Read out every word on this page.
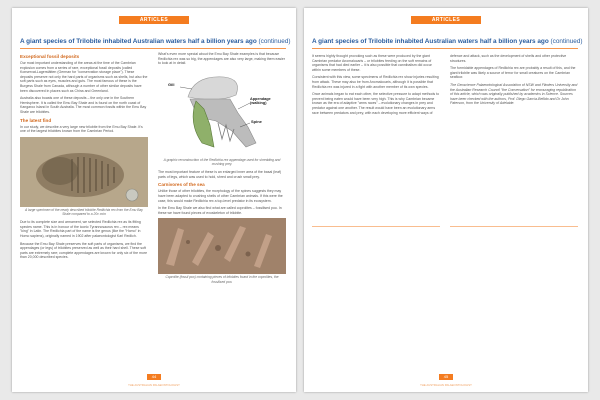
ARTICLES
A giant species of Trilobite inhabited Australian waters half a billion years ago (continued)
Exceptional fossil deposits

Our most important understanding of the areas at the time of the Cambrian explosion comes from a series of rare, exceptional fossil deposits (called Konservat-Lagerstätten (German for "conservation storage place"). These deposits preserve not only the hard parts of organisms such as shells, but also the soft parts such as eyes, muscles and guts. The most famous of these is the Burgess Shale from Canada, although a number of other similar deposits have been discovered in places such as China and Greenland.

Australia also boasts one of these deposits – the only one in the Southern Hemisphere. It is called the Emu Bay Shale and is found on the north coast of Kangaroo Island in South Australia. The most common fossils within the Emu Bay Shale are trilobites.

The latest find

In our study, we describe a very large new trilobite from the Emu Bay Shale. It's one of the largest trilobites known from the Cambrian Period.

A large specimen of the newly described trilobite Redlichia rex from the Emu Bay Shale compared to a 20c coin

Due to its complete size and armament, we selected Redlichia rex as its fitting species name. This is in honour of the iconic Tyrannosaurus rex – rex means "king" in Latin. The Redlichia part of the name is the genus (like the "Homo" in Homo sapiens), originally named in 1902 after palaeontologist Karl Redlich.

Because the Emu Bay Shale preserves the soft parts of organisms, we find the appendages (or legs) of trilobites preserved as well as their hard shell. These soft parts are extremely rare; complete appendages are known for only six of the more than 20,000 described species.

What's even more special about the Emu Bay Shale examples is that because Redlichia rex was so big, the appendages are also very large, making them easier to look at in detail.

Gill
Appendage (walking)
Spine
A graphic reconstruction of the Redlichia rex appendage used for shredding and crushing prey.

The most important feature of these is an enlarged inner area of the basal (leaf) parts of legs, which was used to hold, shred and crush small prey.

Carnivores of the sea

Unlike those of other trilobites, the morphology of the spines suggests they may have been adapted to crushing shells of other Cambrian animals. If this were the case, this would make Redlichia rex a top-level predator in its ecosystem.

In the Emu Bay Shale we also find what are called coprolites – fossilised poo. In these we have found pieces of exoskeleton of trilobite.

Coprolite (fossil poo) containing pieces of trilobites found in the coprolites, the fossilised poo.
44
THE AUSTRALIAN PALAEONTOLOGIST
ARTICLES
A giant species of Trilobite inhabited Australian waters half a billion years ago (continued)

It seems highly thought provoking such as these were produced by the giant Cambrian predator Anomalocaris – or trilobites feeding on the soft remains of organisms that had died earlier – it is also possible that cannibalism did occur within some members of these.

Consistent with this view, some specimens of Redlichia rex show injuries resulting from attack. These may also be from Anomalocaris, although it is possible that Redlichia rex was injured in a fight with another member of its own species.

Once animals began to eat each other, the selective pressure to adapt methods to prevent being eaten would have been very high. This is why Cambrian became known as the era of adaptive "arms races" – evolutionary changes in prey and predator against one another. The result would have been an evolutionary arms race between predators and prey, with each developing more efficient ways of

defence and attack, such as the development of shells and other protective structures.

The formidable appendages of Redlichia rex are probably a result of this, and the giant trilobite was likely a source of terror for small creatures on the Cambrian seafloor.

The Geoscience Palaeontological Association of NSW and Flinders University and the Australian Research Council "the Conversation" for encouraging republication of this article, which was originally published by academics in Science. Sources have been checked with the authors, Prof. Diego García-Bellido and Dr John Paterson, from the University of Adelaide.

45
THE AUSTRALIAN PALAEONTOLOGIST
